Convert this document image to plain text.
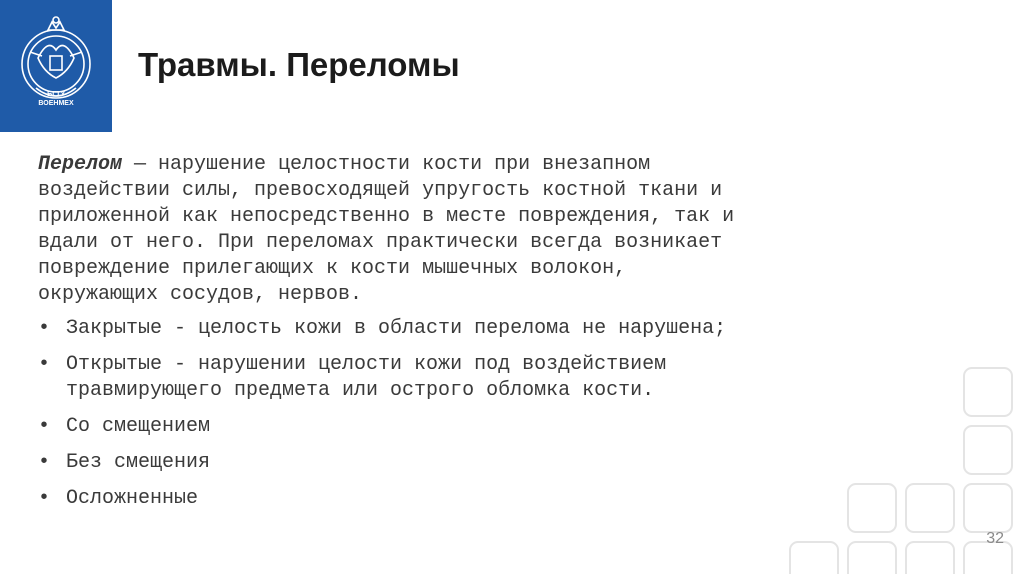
БГТУ
ВОЕНМЕХ
Травмы. Переломы

Перелом — нарушение целостности кости при внезапном воздействии силы, превосходящей упругость костной ткани и приложенной как непосредственно в месте повреждения, так и вдали от него. При переломах практически всегда возникает повреждение прилегающих к кости мышечных волокон, окружающих сосудов, нервов.

• Закрытые - целость кожи в области перелома не нарушена;
• Открытые - нарушении целости кожи под воздействием травмирующего предмета или острого обломка кости.
• Со смещением
• Без смещения
• Осложненные
32
